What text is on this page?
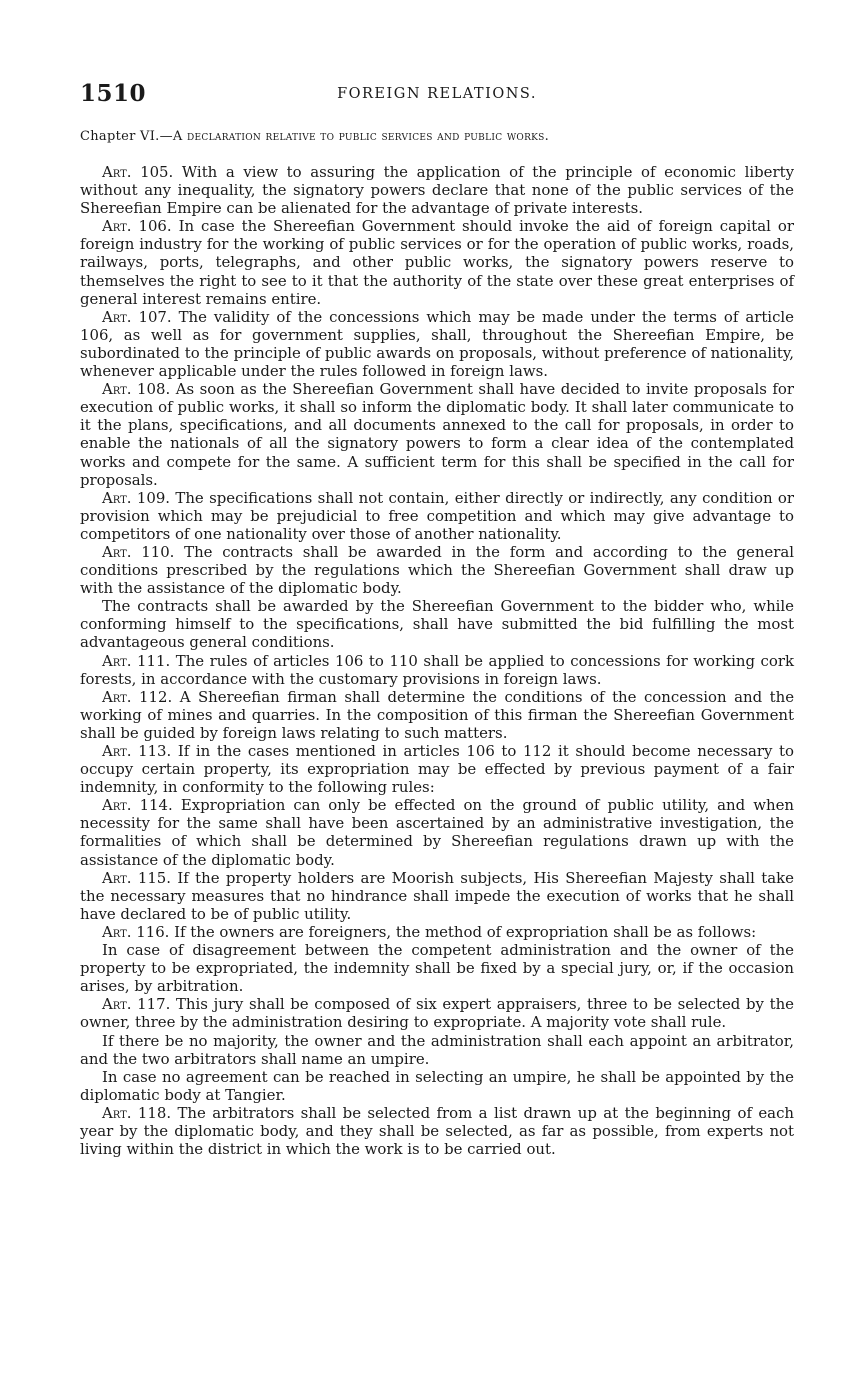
1510	FOREIGN RELATIONS.
Chapter VI.—A declaration relative to public services and public works.

Art. 105. With a view to assuring the application of the principle of economic liberty without any inequality, the signatory powers declare that none of the public services of the Shereefian Empire can be alienated for the advantage of private interests.

Art. 106. In case the Shereefian Government should invoke the aid of foreign capital or foreign industry for the working of public services or for the operation of public works, roads, railways, ports, telegraphs, and other public works, the signatory powers reserve to themselves the right to see to it that the authority of the state over these great enterprises of general interest remains entire.

Art. 107. The validity of the concessions which may be made under the terms of article 106, as well as for government supplies, shall, throughout the Shereefian Empire, be subordinated to the principle of public awards on proposals, without preference of nationality, whenever applicable under the rules followed in foreign laws.

Art. 108. As soon as the Shereefian Government shall have decided to invite proposals for execution of public works, it shall so inform the diplomatic body. It shall later communicate to it the plans, specifications, and all documents annexed to the call for proposals, in order to enable the nationals of all the signatory powers to form a clear idea of the contemplated works and compete for the same. A sufficient term for this shall be specified in the call for proposals.

Art. 109. The specifications shall not contain, either directly or indirectly, any condition or provision which may be prejudicial to free competition and which may give advantage to competitors of one nationality over those of another nationality.

Art. 110. The contracts shall be awarded in the form and according to the general conditions prescribed by the regulations which the Shereefian Government shall draw up with the assistance of the diplomatic body.

The contracts shall be awarded by the Shereefian Government to the bidder who, while conforming himself to the specifications, shall have submitted the bid fulfilling the most advantageous general conditions.

Art. 111. The rules of articles 106 to 110 shall be applied to concessions for working cork forests, in accordance with the customary provisions in foreign laws.

Art. 112. A Shereefian firman shall determine the conditions of the concession and the working of mines and quarries. In the composition of this firman the Shereefian Government shall be guided by foreign laws relating to such matters.

Art. 113. If in the cases mentioned in articles 106 to 112 it should become necessary to occupy certain property, its expropriation may be effected by previous payment of a fair indemnity, in conformity to the following rules:

Art. 114. Expropriation can only be effected on the ground of public utility, and when necessity for the same shall have been ascertained by an administrative investigation, the formalities of which shall be determined by Shereefian regulations drawn up with the assistance of the diplomatic body.

Art. 115. If the property holders are Moorish subjects, His Shereefian Majesty shall take the necessary measures that no hindrance shall impede the execution of works that he shall have declared to be of public utility.

Art. 116. If the owners are foreigners, the method of expropriation shall be as follows:

In case of disagreement between the competent administration and the owner of the property to be expropriated, the indemnity shall be fixed by a special jury, or, if the occasion arises, by arbitration.

Art. 117. This jury shall be composed of six expert appraisers, three to be selected by the owner, three by the administration desiring to expropriate. A majority vote shall rule.

If there be no majority, the owner and the administration shall each appoint an arbitrator, and the two arbitrators shall name an umpire.

In case no agreement can be reached in selecting an umpire, he shall be appointed by the diplomatic body at Tangier.

Art. 118. The arbitrators shall be selected from a list drawn up at the beginning of each year by the diplomatic body, and they shall be selected, as far as possible, from experts not living within the district in which the work is to be carried out.
